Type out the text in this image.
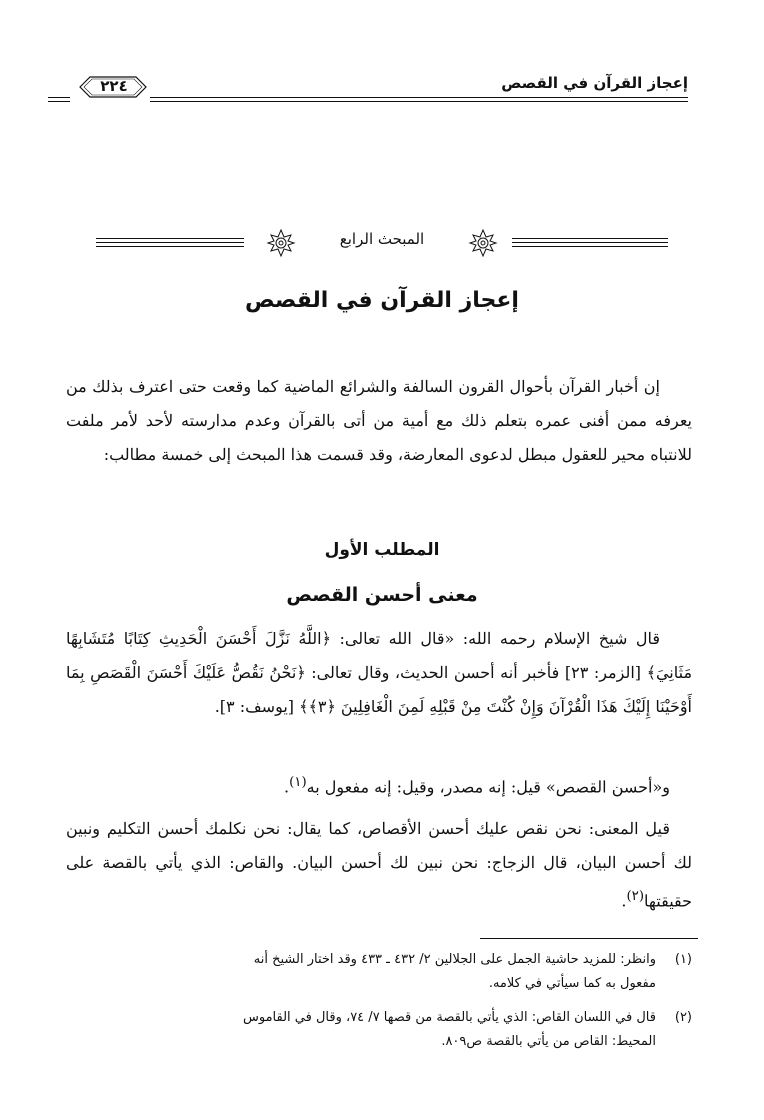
إعجاز القرآن في القصص
٢٢٤
المبحث الرابع
إعجاز القرآن في القصص

إن أخبار القرآن بأحوال القرون السالفة والشرائع الماضية كما وقعت حتى اعترف بذلك من يعرفه ممن أفنى عمره بتعلم ذلك مع أمية من أتى بالقرآن وعدم مدارسته لأحد لأمر ملفت للانتباه محير للعقول مبطل لدعوى المعارضة، وقد قسمت هذا المبحث إلى خمسة مطالب:

المطلب الأول
معنى أحسن القصص

قال شيخ الإسلام رحمه الله: «قال الله تعالى: ﴿اللَّهُ نَزَّلَ أَحْسَنَ الْحَدِيثِ كِتَابًا مُتَشَابِهًا مَثَانِيَ﴾ [الزمر: ٢٣] فأخبر أنه أحسن الحديث، وقال تعالى: ﴿نَحْنُ نَقُصُّ عَلَيْكَ أَحْسَنَ الْقَصَصِ بِمَا أَوْحَيْنَا إِلَيْكَ هَذَا الْقُرْآنَ وَإِنْ كُنْتَ مِنْ قَبْلِهِ لَمِنَ الْغَافِلِينَ ﴿٣﴾﴾ [يوسف: ٣].

و«أحسن القصص» قيل: إنه مصدر، وقيل: إنه مفعول به$^{(١)}$.

قيل المعنى: نحن نقص عليك أحسن الأقصاص، كما يقال: نحن نكلمك أحسن التكليم ونبين لك أحسن البيان، قال الزجاج: نحن نبين لك أحسن البيان. والقاص: الذي يأتي بالقصة على حقيقتها$^{(٢)}$.

(١)وانظر: للمزيد حاشية الجمل على الجلالين ٢/ ٤٣٢ ـ ٤٣٣ وقد اختار الشيخ أنه
مفعول به كما سيأتي في كلامه.

(٢)قال في اللسان القاص: الذي يأتي بالقصة من قصها ٧/ ٧٤، وقال في القاموس
المحيط: القاص من يأتي بالقصة ص٨٠٩.
